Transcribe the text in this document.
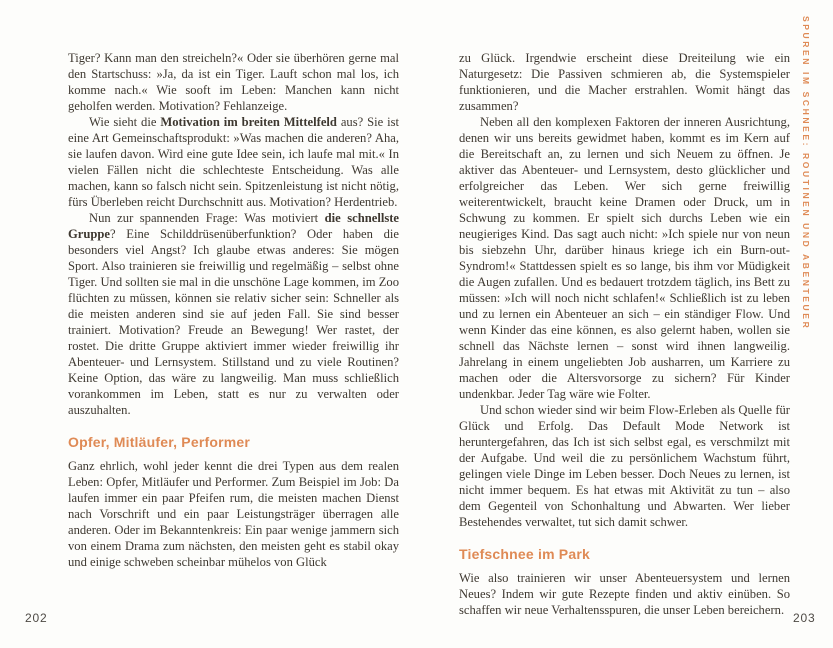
Tiger? Kann man den streicheln?« Oder sie überhören gerne mal den Startschuss: »Ja, da ist ein Tiger. Lauft schon mal los, ich komme nach.« Wie sooft im Leben: Manchen kann nicht geholfen werden. Motivation? Fehlanzeige.

Wie sieht die Motivation im breiten Mittelfeld aus? Sie ist eine Art Gemeinschaftsprodukt: »Was machen die anderen? Aha, sie laufen davon. Wird eine gute Idee sein, ich laufe mal mit.« In vielen Fällen nicht die schlechteste Entscheidung. Was alle machen, kann so falsch nicht sein. Spitzenleistung ist nicht nötig, fürs Überleben reicht Durchschnitt aus. Motivation? Herdentrieb.

Nun zur spannenden Frage: Was motiviert die schnellste Gruppe? Eine Schilddrüsenüberfunktion? Oder haben die besonders viel Angst? Ich glaube etwas anderes: Sie mögen Sport. Also trainieren sie freiwillig und regelmäßig – selbst ohne Tiger. Und sollten sie mal in die unschöne Lage kommen, im Zoo flüchten zu müssen, können sie relativ sicher sein: Schneller als die meisten anderen sind sie auf jeden Fall. Sie sind besser trainiert. Motivation? Freude an Bewegung! Wer rastet, der rostet. Die dritte Gruppe aktiviert immer wieder freiwillig ihr Abenteuer- und Lernsystem. Stillstand und zu viele Routinen? Keine Option, das wäre zu langweilig. Man muss schließlich vorankommen im Leben, statt es nur zu verwalten oder auszuhalten.

Opfer, Mitläufer, Performer

Ganz ehrlich, wohl jeder kennt die drei Typen aus dem realen Leben: Opfer, Mitläufer und Performer. Zum Beispiel im Job: Da laufen immer ein paar Pfeifen rum, die meisten machen Dienst nach Vorschrift und ein paar Leistungsträger überragen alle anderen. Oder im Bekanntenkreis: Ein paar wenige jammern sich von einem Drama zum nächsten, den meisten geht es stabil okay und einige schweben scheinbar mühelos von Glück

202
SPUREN IM SCHNEE: ROUTINEN UND ABENTEUER

zu Glück. Irgendwie erscheint diese Dreiteilung wie ein Naturgesetz: Die Passiven schmieren ab, die Systemspieler funktionieren, und die Macher erstrahlen. Womit hängt das zusammen?

Neben all den komplexen Faktoren der inneren Ausrichtung, denen wir uns bereits gewidmet haben, kommt es im Kern auf die Bereitschaft an, zu lernen und sich Neuem zu öffnen. Je aktiver das Abenteuer- und Lernsystem, desto glücklicher und erfolgreicher das Leben. Wer sich gerne freiwillig weiterentwickelt, braucht keine Dramen oder Druck, um in Schwung zu kommen. Er spielt sich durchs Leben wie ein neugieriges Kind. Das sagt auch nicht: »Ich spiele nur von neun bis siebzehn Uhr, darüber hinaus kriege ich ein Burn-out-Syndrom!« Stattdessen spielt es so lange, bis ihm vor Müdigkeit die Augen zufallen. Und es bedauert trotzdem täglich, ins Bett zu müssen: »Ich will noch nicht schlafen!« Schließlich ist zu leben und zu lernen ein Abenteuer an sich – ein ständiger Flow. Und wenn Kinder das eine können, es also gelernt haben, wollen sie schnell das Nächste lernen – sonst wird ihnen langweilig. Jahrelang in einem ungeliebten Job ausharren, um Karriere zu machen oder die Altersvorsorge zu sichern? Für Kinder undenkbar. Jeder Tag wäre wie Folter.

Und schon wieder sind wir beim Flow-Erleben als Quelle für Glück und Erfolg. Das Default Mode Network ist heruntergefahren, das Ich ist sich selbst egal, es verschmilzt mit der Aufgabe. Und weil die zu persönlichem Wachstum führt, gelingen viele Dinge im Leben besser. Doch Neues zu lernen, ist nicht immer bequem. Es hat etwas mit Aktivität zu tun – also dem Gegenteil von Schonhaltung und Abwarten. Wer lieber Bestehendes verwaltet, tut sich damit schwer.

Tiefschnee im Park

Wie also trainieren wir unser Abenteuersystem und lernen Neues? Indem wir gute Rezepte finden und aktiv einüben. So schaffen wir neue Verhaltensspuren, die unser Leben bereichern.

203
